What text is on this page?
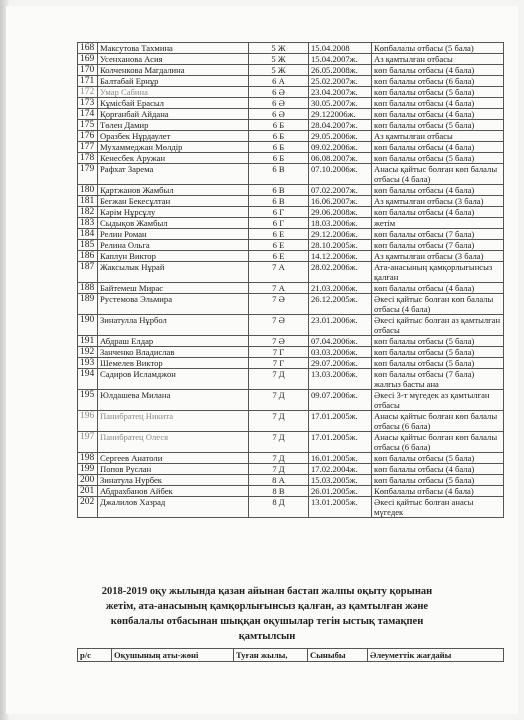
168	Максутова Тахмина	5 Ж	15.04.2008	Көпбалалы отбасы (5 бала)
169	Усенханова Асия	5 Ж	15.04.2007ж.	Аз қамтылған отбасы
170	Колченкова Магдалина	5 Ж	26.05.2008ж.	көп балалы отбасы (4 бала)
171	Балтабай Ернұр	6 А	25.02.2007ж.	көп балалы отбасы (6 бала)
172	Умар Сабина	6 Ә	23.04.2007ж.	көп балалы отбасы (5 бала)
173	Кұмісбай Ерасыл	6 Ә	30.05.2007ж.	көп балалы отбасы (4 бала)
174	Қорғанбай Айдана	6 Ә	29.122006ж.	көп балалы отбасы (4 бала)
175	Төлен Дамир	6 Б	28.04.2007ж.	көп балалы отбасы (5 бала)
176	Оразбек Нұрдаулет	6 Б	29.05.2006ж.	Аз қамтылған отбасы
177	Мухаммеджан Мөлдір	6 Б	09.02.2006ж.	көп балалы отбасы (4 бала)
178	Кенесбек Аружан	6 Б	06.08.2007ж.	көп балалы отбасы (5 бала)
179	Рафхат Зарема	6 В	07.10.2006ж.	Анасы қайтыс болған көп балалы отбасы (4 бала)
180	Қартжанов Жамбыл	6 В	07.02.2007ж.	көп балалы отбасы (4 бала)
181	Бегжан Бекесұлтан	6 В	16.06.2007ж.	Аз қамтылған отбасы (3 бала)
182	Кәрім Нұрсұлу	6 Г	29.06.2008ж.	көп балалы отбасы (4 бала)
183	Сыдықов Жамбыл	6 Г	18.03.2006ж.	жетім
184	Релин Роман	6 Е	29.12.2006ж.	көп балалы отбасы (7 бала)
185	Релина Ольга	6 Е	28.10.2005ж.	көп балалы отбасы (7 бала)
186	Каплун Виктор	6 Е	14.12.2006ж.	Аз қамтылған отбасы (3 бала)
187	Жаксылык Нұрай	7 А	28.02.2006ж.	Ата-анасының қамқорлығынсыз қалған
188	Байтемеш Мирас	7 А	21.03.2006ж.	көп балалы отбасы (4 бала)
189	Рустемова Эльмира	7 Ә	26.12.2005ж.	Әкесі қайтыс болған көп балалы отбасы (4 бала)
190	Зинатулла Нұрбол	7 Ә	23.01.2006ж.	Әкесі қайтыс болған аз қамтылған отбасы
191	Абдраш Елдар	7 Ә	07.04.2006ж.	көп балалы отбасы (5 бала)
192	Занченко Владислав	7 Г	03.03.2006ж.	көп балалы отбасы (5 бала)
193	Шемелев Виктор	7 Г	29.07.2006ж.	көп балалы отбасы (5 бала)
194	Садиров Исламджон	7 Д	13.03.2006ж.	көп балалы отбасы (7 бала) жалғыз басты ана
195	Юлдашева Милана	7 Д	09.07.2006ж.	Әкесі 3-т мүгедек аз қамтылған отбасы
196	Панибратец Никита	7 Д	17.01.2005ж.	Анасы қайтыс болған көп балалы отбасы (6 бала)
197	Панибратец Олеся	7 Д	17.01.2005ж.	Анасы қайтыс болған көп балалы отбасы (6 бала)
198	Сергеев Анатоли	7 Д	16.01.2005ж.	көп балалы отбасы (5 бала)
199	Попов Руслан	7 Д	17.02.2004ж.	көп балалы отбасы (4 бала)
200	Зинатула Нурбек	8 А	15.03.2005ж.	көп балалы отбасы (5 бала)
201	Абдрахбанов Айбек	8 В	26.01.2005ж.	Көпбалалы отбасы (4 бала)
202	Джалилов Хазрад	8 Д	13.01.2005ж.	Әкесі қайтыс болған анасы мүгедек
2018-2019 оқу жылында қазан айынан бастап жалпы оқыту қорынан жетім, ата-анасының қамқорлығынсыз қалған, аз қамтылған және көпбалалы отбасынан шыққан оқушылар тегін ыстық тамақпен қамтылсын
р/с	Оқушының аты-жөні	Туған жылы,	Сыныбы	Әлеуметтік жағдайы
